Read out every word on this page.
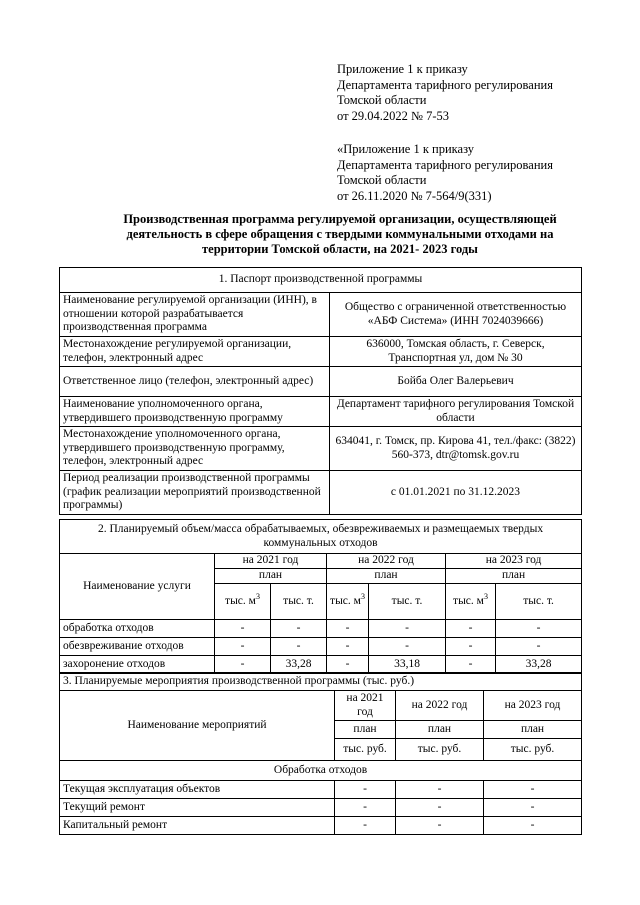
Приложение 1 к приказу
Департамента тарифного регулирования
Томской области
от 29.04.2022 № 7-53
«Приложение 1 к приказу
Департамента тарифного регулирования
Томской области
от 26.11.2020 № 7-564/9(331)
Производственная программа регулируемой организации, осуществляющей деятельность в сфере обращения с твердыми коммунальными отходами на территории Томской области, на 2021- 2023 годы
1. Паспорт производственной программы	
Наименование регулируемой организации (ИНН), в отношении которой разрабатывается производственная программа	Общество с ограниченной ответственностью «АБФ Система» (ИНН 7024039666)
Местонахождение регулируемой организации, телефон, электронный адрес	636000, Томская область, г. Северск, Транспортная ул, дом № 30
Ответственное лицо (телефон, электронный адрес)	Бойба Олег Валерьевич
Наименование уполномоченного органа, утвердившего производственную программу	Департамент тарифного регулирования Томской области
Местонахождение уполномоченного органа, утвердившего производственную программу, телефон, электронный адрес	634041, г. Томск, пр. Кирова 41, тел./факс: (3822) 560-373, dtr@tomsk.gov.ru
Период реализации производственной программы (график реализации мероприятий производственной программы)	с 01.01.2021 по 31.12.2023
2. Планируемый объем/масса обрабатываемых, обезвреживаемых и размещаемых твердых коммунальных отходов						
Наименование услуги	на 2021 год		на 2022 год		на 2023 год	
	план		план		план	
	тыс. $м^3$	тыс. т.	тыс. $м^3$	тыс. т.	тыс. $м^3$	тыс. т.
обработка отходов	-	-	-	-	-	-
обезвреживание отходов	-	-	-	-	-	-
захоронение отходов	-	33,28	-	33,18	-	33,28
3. Планируемые мероприятия производственной программы (тыс. руб.)			
Наименование мероприятий	на 2021 год	на 2022 год	на 2023 год
	план	план	план
	тыс. руб.	тыс. руб.	тыс. руб.
Обработка отходов			
Текущая эксплуатация объектов	-	-	-
Текущий ремонт	-	-	-
Капитальный ремонт	-	-	-
